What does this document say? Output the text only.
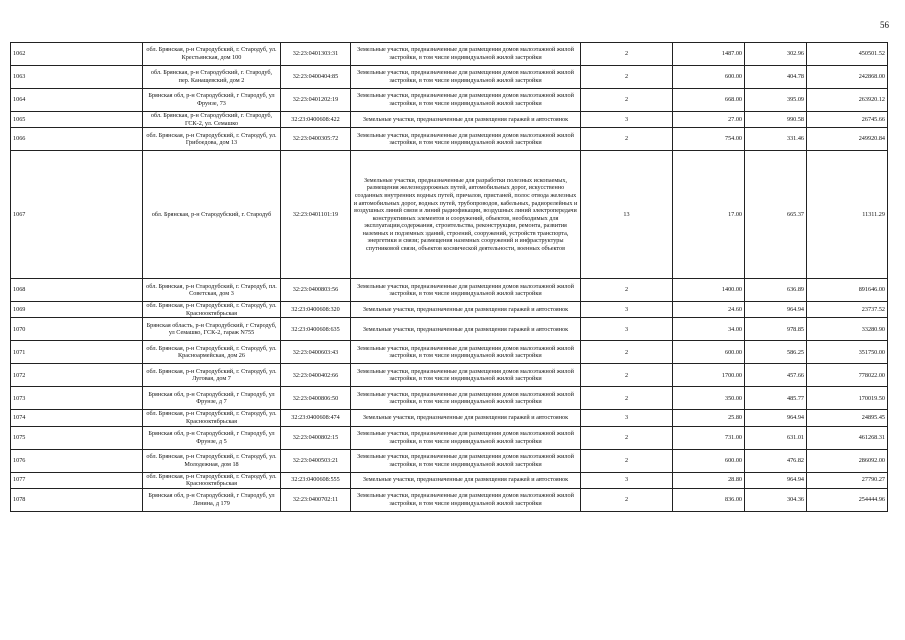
56
1062	обл. Брянская, р-н Стародубский, г. Стародуб, ул. Крестьянская, дом 100	32:23:0401303:31	Земельные участки, предназначенные для размещения домов малоэтажной жилой застройки, в том числе индивидуальной жилой застройки	2	1487.00	302.96	450501.52
1063	обл. Брянская, р-н Стародубский, г. Стародуб, пер. Канащевский, дом 2	32:23:0400404:85	Земельные участки, предназначенные для размещения домов малоэтажной жилой застройки, в том числе индивидуальной жилой застройки	2	600.00	404.78	242868.00
1064	Брянская обл, р-н Стародубский, г Стародуб, ул Фрунзе, 73	32:23:0401202:19	Земельные участки, предназначенные для размещения домов малоэтажной жилой застройки, в том числе индивидуальной жилой застройки	2	668.00	395.09	263920.12
1065	обл. Брянская, р-н Стародубский, г. Стародуб, ГСК-2, ул. Семашко	32:23:0400608:422	Земельные участки, предназначенные для размещения гаражей и автостоянок	3	27.00	990.58	26745.66
1066	обл. Брянская, р-н Стародубский, г. Стародуб, ул. Грибоедова, дом 13	32:23:0400305:72	Земельные участки, предназначенные для размещения домов малоэтажной жилой застройки, в том числе индивидуальной жилой застройки	2	754.00	331.46	249920.84
1067	обл. Брянская, р-н Стародубский, г. Стародуб	32:23:0401101:19	Земельные участки, предназначенные для разработки полезных ископаемых, размещения железнодорожных путей, автомобильных дорог, искусственно созданных внутренних водных путей, причалов, пристаней, полос отвода железных и автомобильных дорог, водных путей, трубопроводов, кабельных, радиорелейных и воздушных линий связи и линий радиофикации, воздушных линий электропередачи конструктивных элементов и сооружений, объектов, необходимых для эксплуатации,содержания, строительства, реконструкции, ремонта, развития наземных и подземных зданий, строений, сооружений, устройств транспорта, энергетики и связи; размещения наземных сооружений и инфраструктуры спутниковой связи, объектов космической деятельности, военных объектов	13	17.00	665.37	11311.29
1068	обл. Брянская, р-н Стародубский, г. Стародуб, пл. Советская, дом 3	32:23:0400803:56	Земельные участки, предназначенные для размещения домов малоэтажной жилой застройки, в том числе индивидуальной жилой застройки	2	1400.00	636.89	891646.00
1069	обл. Брянская, р-н Стародубский, г. Стародуб, ул. Краснооктябрьская	32:23:0400608:320	Земельные участки, предназначенные для размещения гаражей и автостоянок	3	24.60	964.94	23737.52
1070	Брянская область, р-н Стародубский, г Стародуб, ул Семашко, ГСК-2, гараж N755	32:23:0400608:635	Земельные участки, предназначенные для размещения гаражей и автостоянок	3	34.00	978.85	33280.90
1071	обл. Брянская, р-н Стародубский, г. Стародуб, ул. Красноармейская, дом 26	32:23:0400603:43	Земельные участки, предназначенные для размещения домов малоэтажной жилой застройки, в том числе индивидуальной жилой застройки	2	600.00	586.25	351750.00
1072	обл. Брянская, р-н Стародубский, г. Стародуб, ул. Луговая, дом 7	32:23:0400402:66	Земельные участки, предназначенные для размещения домов малоэтажной жилой застройки, в том числе индивидуальной жилой застройки	2	1700.00	457.66	778022.00
1073	Брянская обл, р-н Стародубский, г Стародуб, ул Фрунзе, д 7	32:23:0400806:50	Земельные участки, предназначенные для размещения домов малоэтажной жилой застройки, в том числе индивидуальной жилой застройки	2	350.00	485.77	170019.50
1074	обл. Брянская, р-н Стародубский, г. Стародуб, ул. Краснооктябрьская	32:23:0400608:474	Земельные участки, предназначенные для размещения гаражей и автостоянок	3	25.80	964.94	24895.45
1075	Брянская обл, р-н Стародубский, г Стародуб, ул Фрунзе, д 5	32:23:0400802:15	Земельные участки, предназначенные для размещения домов малоэтажной жилой застройки, в том числе индивидуальной жилой застройки	2	731.00	631.01	461268.31
1076	обл. Брянская, р-н Стародубский, г. Стародуб, ул. Молодежная, дом 18	32:23:0400503:21	Земельные участки, предназначенные для размещения домов малоэтажной жилой застройки, в том числе индивидуальной жилой застройки	2	600.00	476.82	286092.00
1077	обл. Брянская, р-н Стародубский, г. Стародуб, ул. Краснооктябрьская	32:23:0400608:555	Земельные участки, предназначенные для размещения гаражей и автостоянок	3	28.80	964.94	27790.27
1078	Брянская обл, р-н Стародубский, г Стародуб, ул Ленина, д 179	32:23:0400702:11	Земельные участки, предназначенные для размещения домов малоэтажной жилой застройки, в том числе индивидуальной жилой застройки	2	836.00	304.36	254444.96
